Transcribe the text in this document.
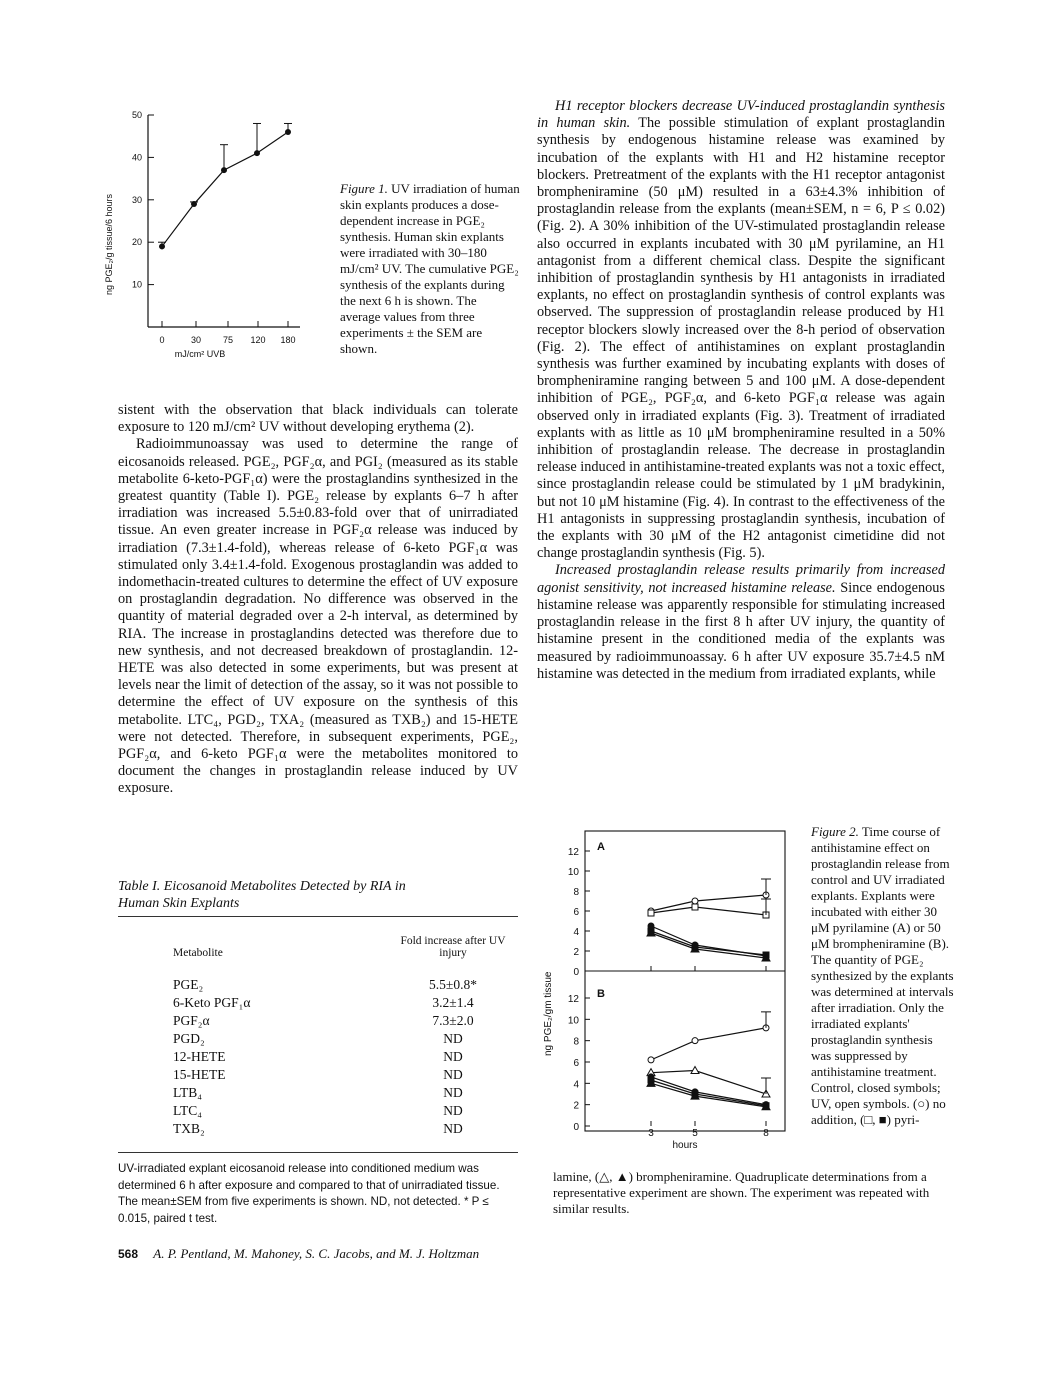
10
20
30
40
50
0	30 75 120 180
ng PGE₂/g tissue/6 hours
mJ/cm² UVB
Figure 1. UV irradiation of human skin explants produces a dose-dependent increase in PGE₂ synthesis. Human skin explants were irradiated with 30–180 mJ/cm² UV. The cumulative PGE₂ synthesis of the explants during the next 6 h is shown. The average values from three experiments ± the SEM are shown.

sistent with the observation that black individuals can tolerate exposure to 120 mJ/cm² UV without developing erythema (2).

Radioimmunoassay was used to determine the range of eicosanoids released. PGE₂, PGF₂α, and PGI₂ (measured as its stable metabolite 6-keto-PGF₁α) were the prostaglandins synthesized in the greatest quantity (Table I). PGE₂ release by explants 6–7 h after irradiation was increased 5.5±0.83-fold over that of unirradiated tissue. An even greater increase in PGF₂α release was induced by irradiation (7.3±1.4-fold), whereas release of 6-keto PGF₁α was stimulated only 3.4±1.4-fold. Exogenous prostaglandin was added to indomethacin-treated cultures to determine the effect of UV exposure on prostaglandin degradation. No difference was observed in the quantity of material degraded over a 2-h interval, as determined by RIA. The increase in prostaglandins detected was therefore due to new synthesis, and not decreased breakdown of prostaglandin. 12-HETE was also detected in some experiments, but was present at levels near the limit of detection of the assay, so it was not possible to determine the effect of UV exposure on the synthesis of this metabolite. LTC₄, PGD₂, TXA₂ (measured as TXB₂) and 15-HETE were not detected. Therefore, in subsequent experiments, PGE₂, PGF₂α, and 6-keto PGF₁α were the metabolites monitored to document the changes in prostaglandin release induced by UV exposure.

Table I. Eicosanoid Metabolites Detected by RIA in Human Skin Explants
Metabolite	Fold increase after UV injury
PGE₂	5.5±0.8*
6-Keto PGF₁α	3.2±1.4
PGF₂α	7.3±2.0
PGD₂	ND
12-HETE	ND
15-HETE	ND
LTB₄	ND
LTC₄	ND
TXB₂	ND
UV-irradiated explant eicosanoid release into conditioned medium was determined 6 h after exposure and compared to that of unirradiated tissue. The mean±SEM from five experiments is shown. ND, not detected. * P ≤ 0.015, paired t test.

H1 receptor blockers decrease UV-induced prostaglandin synthesis in human skin. The possible stimulation of explant prostaglandin synthesis by endogenous histamine release was examined by incubation of the explants with H1 and H2 histamine receptor blockers. Pretreatment of the explants with the H1 receptor antagonist brompheniramine (50 μM) resulted in a 63±4.3% inhibition of prostaglandin release from the explants (mean±SEM, n = 6, P ≤ 0.02) (Fig. 2). A 30% inhibition of the UV-stimulated prostaglandin release also occurred in explants incubated with 30 μM pyrilamine, an H1 antagonist from a different chemical class. Despite the significant inhibition of prostaglandin synthesis by H1 antagonists in irradiated explants, no effect on prostaglandin synthesis of control explants was observed. The suppression of prostaglandin release produced by H1 receptor blockers slowly increased over the 8-h period of observation (Fig. 2). The effect of antihistamines on explant prostaglandin synthesis was further examined by incubating explants with doses of brompheniramine ranging between 5 and 100 μM. A dose-dependent inhibition of PGE₂, PGF₂α, and 6-keto PGF₁α release was again observed only in irradiated explants (Fig. 3). Treatment of irradiated explants with as little as 10 μM brompheniramine resulted in a 50% inhibition of prostaglandin release. The decrease in prostaglandin release induced in antihistamine-treated explants was not a toxic effect, since prostaglandin release could be stimulated by 1 μM bradykinin, but not 10 μM histamine (Fig. 4). In contrast to the effectiveness of the H1 antagonists in suppressing prostaglandin synthesis, incubation of the explants with 30 μM of the H2 antagonist cimetidine did not change prostaglandin synthesis (Fig. 5).

Increased prostaglandin release results primarily from increased agonist sensitivity, not increased histamine release. Since endogenous histamine release was apparently responsible for stimulating increased prostaglandin release in the first 8 h after UV injury, the quantity of histamine present in the conditioned media of the explants was measured by radioimmunoassay. 6 h after UV exposure 35.7±4.5 nM histamine was detected in the medium from irradiated explants, while

0
2
4
6
8
10
12
0
2
4
6
8
10
12
3	5	8
A
B
ng PGE₂/gm tissue
hours
Figure 2. Time course of antihistamine effect on prostaglandin release from control and UV irradiated explants. Explants were incubated with either 30 μM pyrilamine (A) or 50 μM brompheniramine (B). The quantity of PGE₂ synthesized by the explants was determined at intervals after irradiation. Only the irradiated explants' prostaglandin synthesis was suppressed by antihistamine treatment. Control, closed symbols; UV, open symbols. (○) no addition, (□, ■) pyri-
lamine, (△, ▲) brompheniramine. Quadruplicate determinations from a representative experiment are shown. The experiment was repeated with similar results.
568 A. P. Pentland, M. Mahoney, S. C. Jacobs, and M. J. Holtzman
